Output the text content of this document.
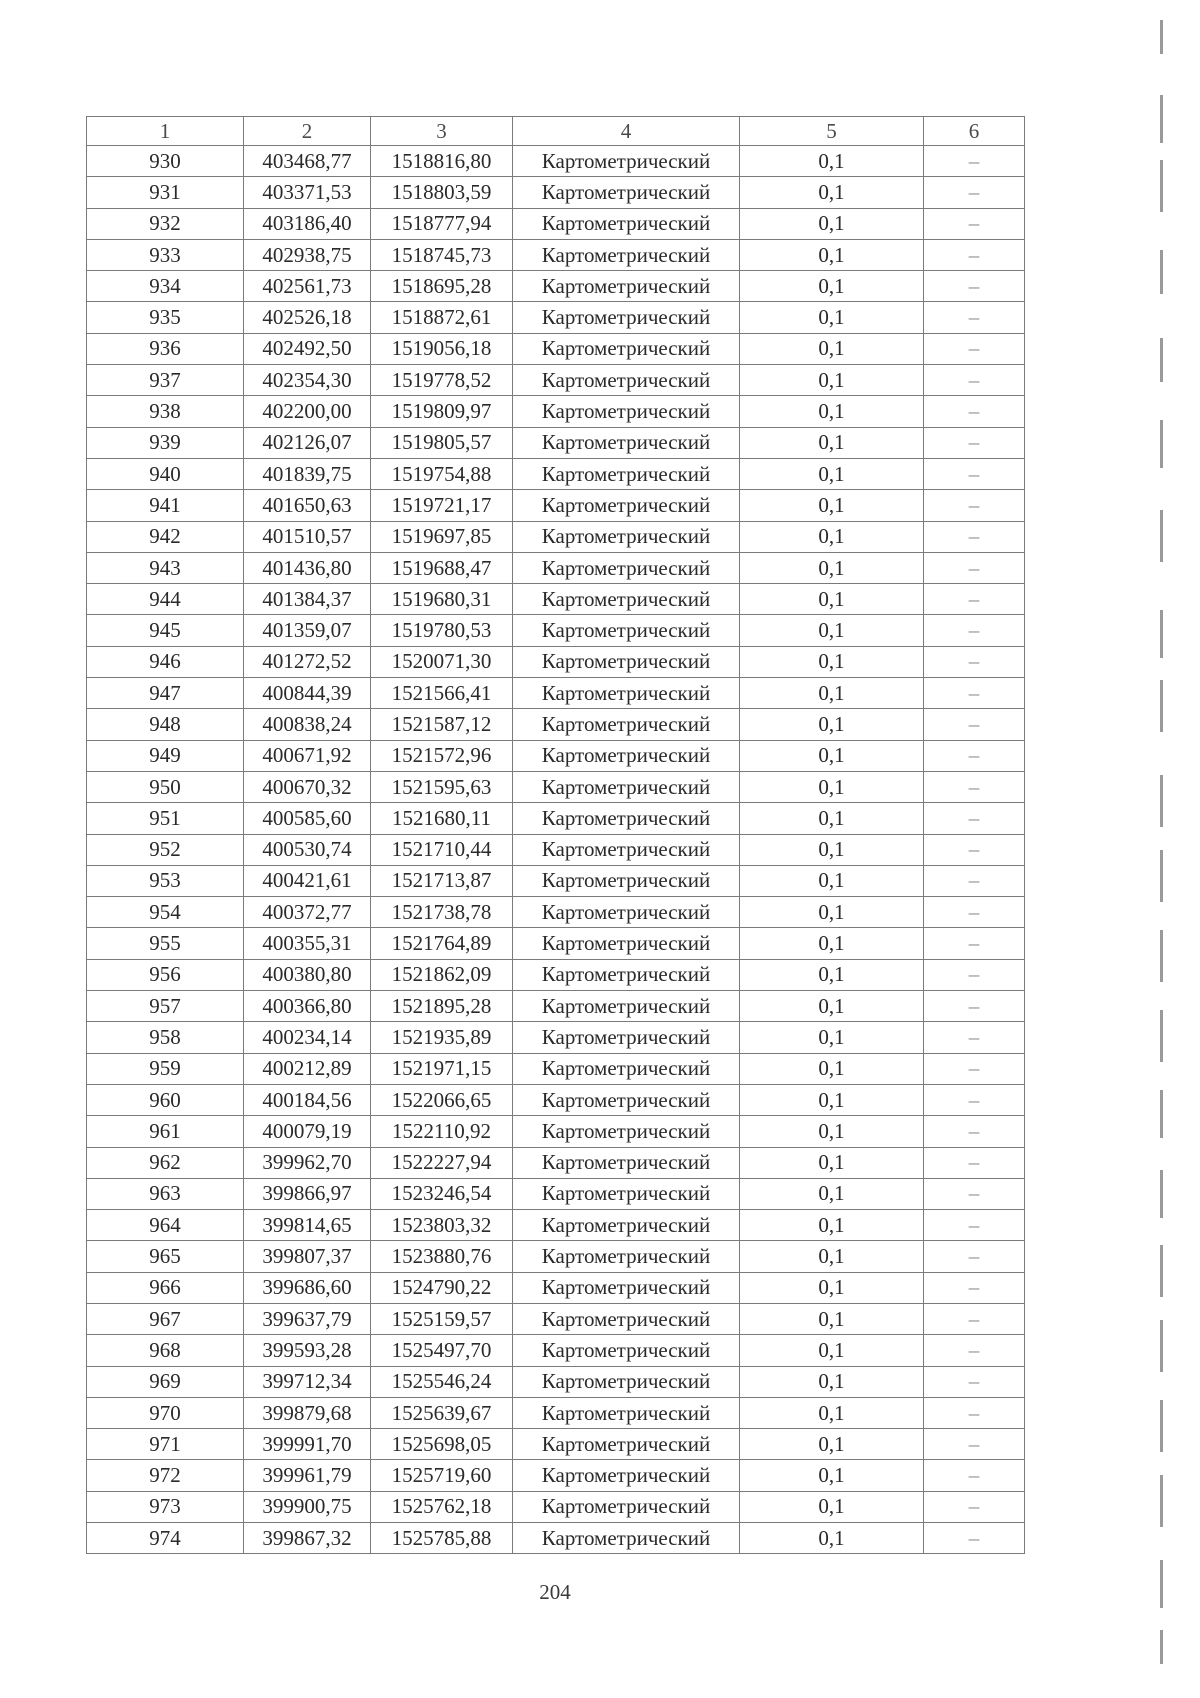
1	2	3	4	5	6
930	403468,77	1518816,80	Картометрический	0,1	–
931	403371,53	1518803,59	Картометрический	0,1	–
932	403186,40	1518777,94	Картометрический	0,1	–
933	402938,75	1518745,73	Картометрический	0,1	–
934	402561,73	1518695,28	Картометрический	0,1	–
935	402526,18	1518872,61	Картометрический	0,1	–
936	402492,50	1519056,18	Картометрический	0,1	–
937	402354,30	1519778,52	Картометрический	0,1	–
938	402200,00	1519809,97	Картометрический	0,1	–
939	402126,07	1519805,57	Картометрический	0,1	–
940	401839,75	1519754,88	Картометрический	0,1	–
941	401650,63	1519721,17	Картометрический	0,1	–
942	401510,57	1519697,85	Картометрический	0,1	–
943	401436,80	1519688,47	Картометрический	0,1	–
944	401384,37	1519680,31	Картометрический	0,1	–
945	401359,07	1519780,53	Картометрический	0,1	–
946	401272,52	1520071,30	Картометрический	0,1	–
947	400844,39	1521566,41	Картометрический	0,1	–
948	400838,24	1521587,12	Картометрический	0,1	–
949	400671,92	1521572,96	Картометрический	0,1	–
950	400670,32	1521595,63	Картометрический	0,1	–
951	400585,60	1521680,11	Картометрический	0,1	–
952	400530,74	1521710,44	Картометрический	0,1	–
953	400421,61	1521713,87	Картометрический	0,1	–
954	400372,77	1521738,78	Картометрический	0,1	–
955	400355,31	1521764,89	Картометрический	0,1	–
956	400380,80	1521862,09	Картометрический	0,1	–
957	400366,80	1521895,28	Картометрический	0,1	–
958	400234,14	1521935,89	Картометрический	0,1	–
959	400212,89	1521971,15	Картометрический	0,1	–
960	400184,56	1522066,65	Картометрический	0,1	–
961	400079,19	1522110,92	Картометрический	0,1	–
962	399962,70	1522227,94	Картометрический	0,1	–
963	399866,97	1523246,54	Картометрический	0,1	–
964	399814,65	1523803,32	Картометрический	0,1	–
965	399807,37	1523880,76	Картометрический	0,1	–
966	399686,60	1524790,22	Картометрический	0,1	–
967	399637,79	1525159,57	Картометрический	0,1	–
968	399593,28	1525497,70	Картометрический	0,1	–
969	399712,34	1525546,24	Картометрический	0,1	–
970	399879,68	1525639,67	Картометрический	0,1	–
971	399991,70	1525698,05	Картометрический	0,1	–
972	399961,79	1525719,60	Картометрический	0,1	–
973	399900,75	1525762,18	Картометрический	0,1	–
974	399867,32	1525785,88	Картометрический	0,1	–
204
